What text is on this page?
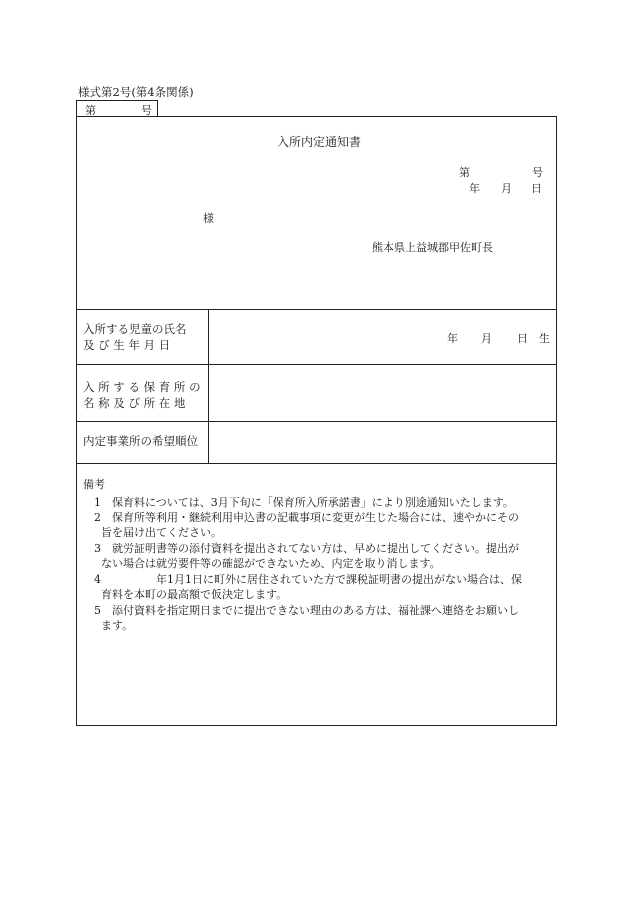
様式第2号(第4条関係)
第	号
入所内定通知書
第	号
年 月 日
様
熊本県上益城郡甲佐町長
入所する児童の氏名
及 び 生 年 月 日	年 月 日 生
入 所 す る 保 育 所 の
名 称 及 び 所 在 地
内定事業所の希望順位
備考
1　保育料については、3月下旬に「保育所入所承諾書」により別途通知いたします。
2　保育所等利用・継続利用申込書の記載事項に変更が生じた場合には、速やかにその
旨を届け出てください。
3　就労証明書等の添付資料を提出されてない方は、早めに提出してください。提出が
ない場合は就労要件等の確認ができないため、内定を取り消します。
4　　　　　年1月1日に町外に居住されていた方で課税証明書の提出がない場合は、保
育料を本町の最高額で仮決定します。
5　添付資料を指定期日までに提出できない理由のある方は、福祉課へ連絡をお願いし
ます。
